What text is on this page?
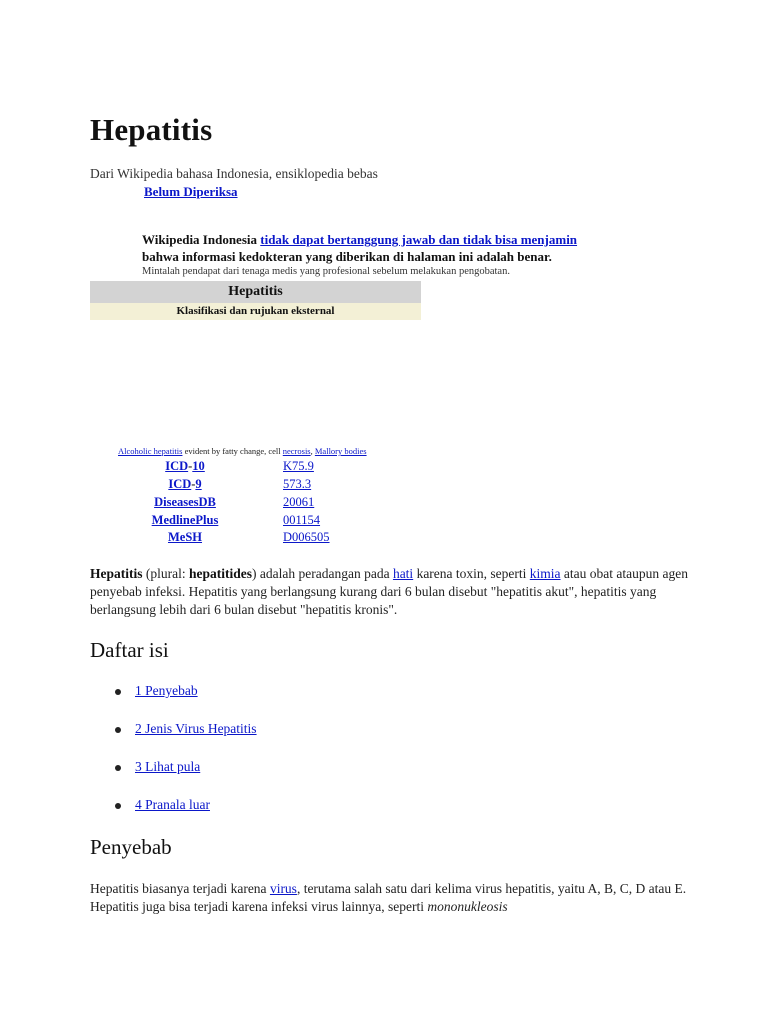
Hepatitis
Dari Wikipedia bahasa Indonesia, ensiklopedia bebas
Belum Diperiksa
Wikipedia Indonesia tidak dapat bertanggung jawab dan tidak bisa menjamin
bahwa informasi kedokteran yang diberikan di halaman ini adalah benar.
Mintalah pendapat dari tenaga medis yang profesional sebelum melakukan pengobatan.
Hepatitis
Klasifikasi dan rujukan eksternal
Alcoholic hepatitis evident by fatty change, cell necrosis, Mallory bodies
ICD-10	K75.9
ICD-9	573.3
DiseasesDB	20061
MedlinePlus	001154
MeSH	D006505
Hepatitis (plural: hepatitides) adalah peradangan pada hati karena toxin, seperti kimia atau obat ataupun agen penyebab infeksi. Hepatitis yang berlangsung kurang dari 6 bulan disebut "hepatitis akut", hepatitis yang berlangsung lebih dari 6 bulan disebut "hepatitis kronis".
Daftar isi
1 Penyebab
2 Jenis Virus Hepatitis
3 Lihat pula
4 Pranala luar
Penyebab
Hepatitis biasanya terjadi karena virus, terutama salah satu dari kelima virus hepatitis, yaitu A, B, C, D atau E. Hepatitis juga bisa terjadi karena infeksi virus lainnya, seperti mononukleosis
